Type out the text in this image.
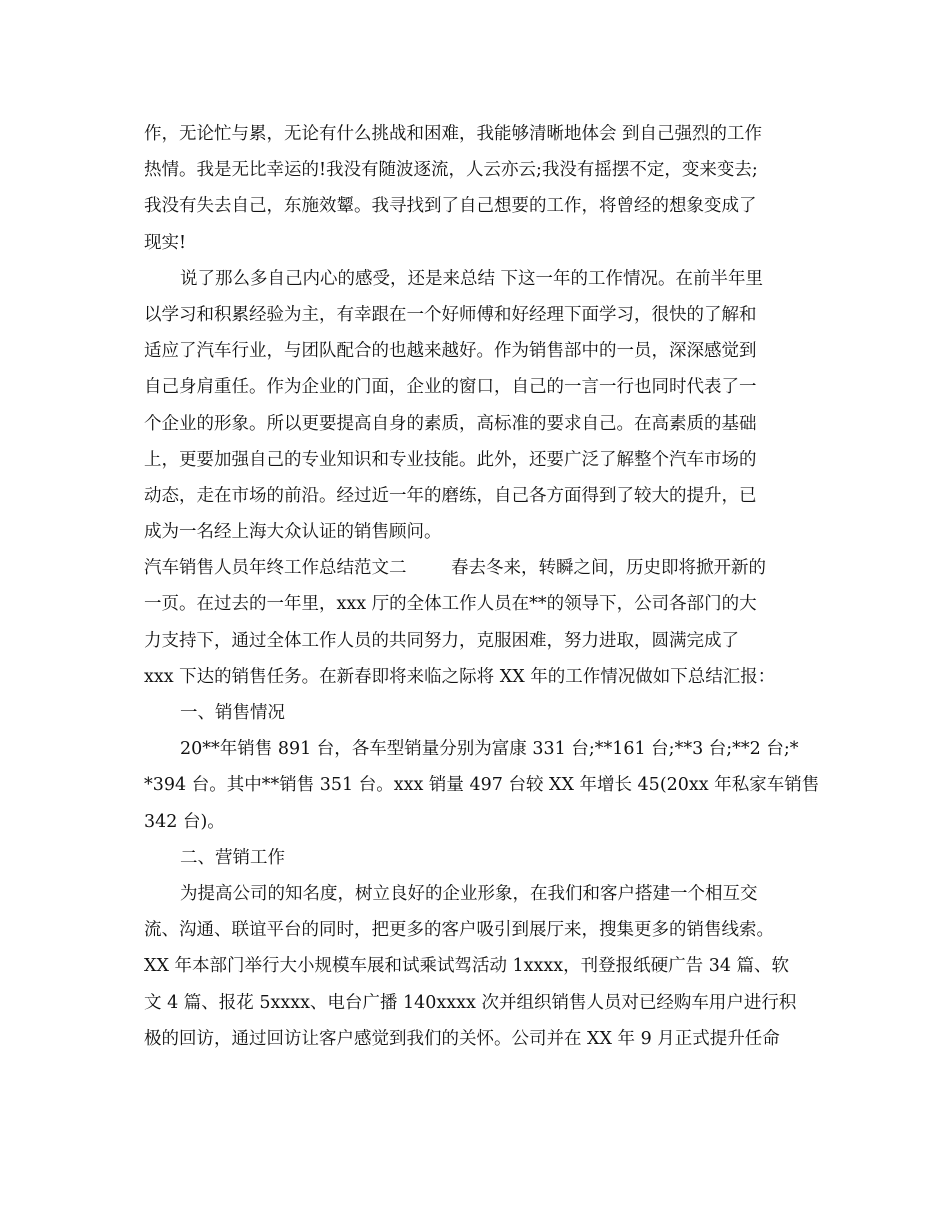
作，无论忙与累，无论有什么挑战和困难，我能够清晰地体会 到自己强烈的工作
热情。我是无比幸运的!我没有随波逐流，人云亦云;我没有摇摆不定，变来变去;
我没有失去自己，东施效颦。我寻找到了自己想要的工作，将曾经的想象变成了
现实!
说了那么多自己内心的感受，还是来总结 下这一年的工作情况。在前半年里
以学习和积累经验为主，有幸跟在一个好师傅和好经理下面学习，很快的了解和
适应了汽车行业，与团队配合的也越来越好。作为销售部中的一员，深深感觉到
自己身肩重任。作为企业的门面，企业的窗口，自己的一言一行也同时代表了一
个企业的形象。所以更要提高自身的素质，高标准的要求自己。在高素质的基础
上，更要加强自己的专业知识和专业技能。此外，还要广泛了解整个汽车市场的
动态，走在市场的前沿。经过近一年的磨练，自己各方面得到了较大的提升，已
成为一名经上海大众认证的销售顾问。
汽车销售人员年终工作总结范文二        春去冬来，转瞬之间，历史即将掀开新的
一页。在过去的一年里，xxx 厅的全体工作人员在**的领导下，公司各部门的大
力支持下，通过全体工作人员的共同努力，克服困难，努力进取，圆满完成了
xxx 下达的销售任务。在新春即将来临之际将 XX 年的工作情况做如下总结汇报：
一、销售情况
20**年销售 891 台，各车型销量分别为富康 331 台;**161 台;**3 台;**2 台;*
*394 台。其中**销售 351 台。xxx 销量 497 台较 XX 年增长 45(20xx 年私家车销售
342 台)。
二、营销工作
为提高公司的知名度，树立良好的企业形象，在我们和客户搭建一个相互交
流、沟通、联谊平台的同时，把更多的客户吸引到展厅来，搜集更多的销售线索。
XX 年本部门举行大小规模车展和试乘试驾活动 1xxxx，刊登报纸硬广告 34 篇、软
文 4 篇、报花 5xxxx、电台广播 140xxxx 次并组织销售人员对已经购车用户进行积
极的回访，通过回访让客户感觉到我们的关怀。公司并在 XX 年 9 月正式提升任命
